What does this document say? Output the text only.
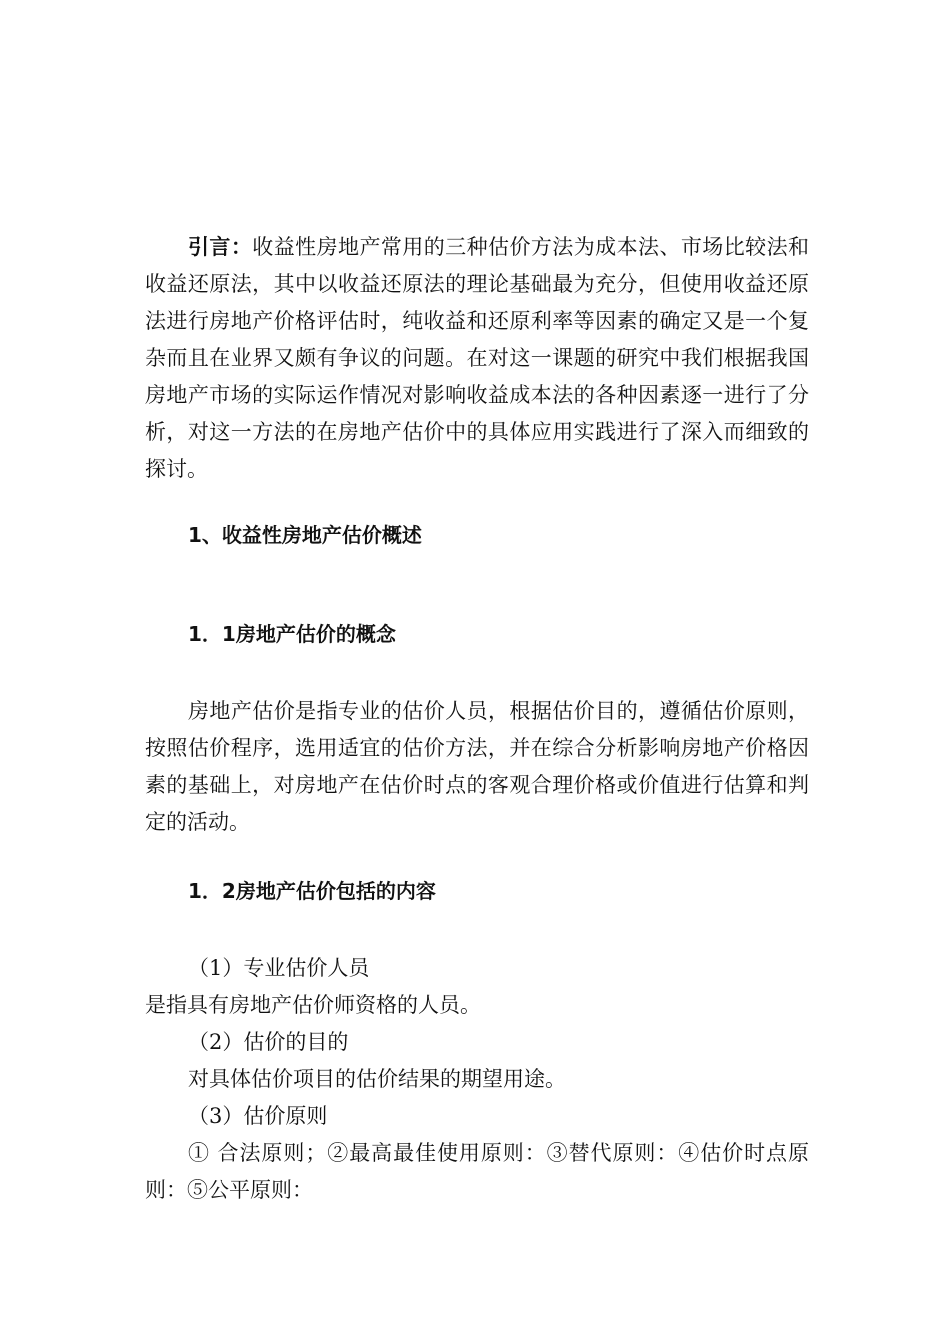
引言：收益性房地产常用的三种估价方法为成本法、市场比较法和收益还原法，其中以收益还原法的理论基础最为充分，但使用收益还原法进行房地产价格评估时，纯收益和还原利率等因素的确定又是一个复杂而且在业界又颇有争议的问题。在对这一课题的研究中我们根据我国房地产市场的实际运作情况对影响收益成本法的各种因素逐一进行了分析，对这一方法的在房地产估价中的具体应用实践进行了深入而细致的探讨。

1、收益性房地产估价概述

1．1房地产估价的概念

房地产估价是指专业的估价人员，根据估价目的，遵循估价原则，按照估价程序，选用适宜的估价方法，并在综合分析影响房地产价格因素的基础上，对房地产在估价时点的客观合理价格或价值进行估算和判定的活动。

1．2房地产估价包括的内容

（1）专业估价人员

是指具有房地产估价师资格的人员。

（2）估价的目的

对具体估价项目的估价结果的期望用途。

（3）估价原则

① 合法原则；②最高最佳使用原则：③替代原则：④估价时点原则：⑤公平原则：
